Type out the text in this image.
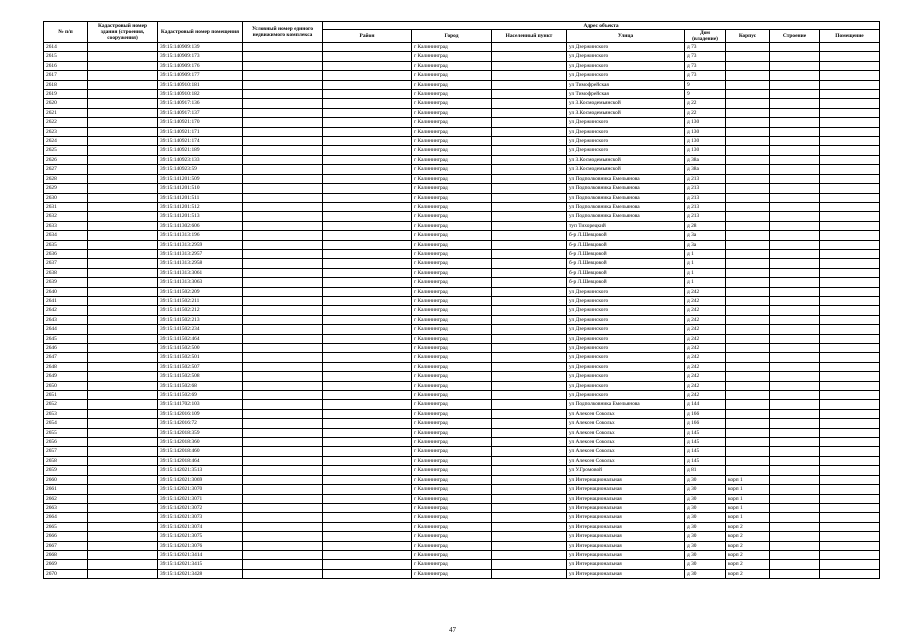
№ п/п	Кадастровый номер здания (строения, сооружения)	Кадастровый номер помещения	Условный номер единого недвижимого комплекса	Адрес объекта							
				Район	Город	Населенный пункт	Улица	Дом (владение)	Корпус	Строение	Помещение
2614		39:15:140909:139			г Калининград		ул Дзержинского	д 73			
2615		39:15:140909:173			г Калининград		ул Дзержинского	д 73			
2616		39:15:140909:176			г Калининград		ул Дзержинского	д 73			
2617		39:15:140909:177			г Калининград		ул Дзержинского	д 73			
2618		39:15:140910:181			г Калининград		ул Тимофрейская	9			
2619		39:15:140910:182			г Калининград		ул Тимофрейская	9			
2620		39:15:140917:136			г Калининград		ул 3.Космодемьянской	д 22			
2621		39:15:140917:137			г Калининград		ул З.Космодемьянской	д 22			
2622		39:15:140921:170			г Калининград		ул Дзержинского	д 130			
2623		39:15:140921:171			г Калининград		ул Дзержинского	д 130			
2624		39:15:140921:174			г Калининград		ул Дзержинского	д 130			
2625		39:15:140921:189			г Калининград		ул Дзержинского	д 130			
2626		39:15:140923:133			г Калининград		ул 3.Космодемьянской	д 38а			
2627		39:15:140923:59			г Калининград		ул 3.Космодемьянской	д 38а			
2628		39:15:141201:509			г Калининград		ул Подполковника Емельянова	д 213			
2629		39:15:141201:510			г Калининград		ул Подполковника Емельянова	д 213			
2630		39:15:141201:511			г Калининград		ул Подполковника Емельянова	д 213			
2631		39:15:141201:512			г Калининград		ул Подполковника Емельянова	д 213			
2632		39:15:141201:513			г Калининград		ул Подполковника Емельянова	д 213			
2633		39:15:141302:606			г Калининград		туп Тихорецкий	д 28			
2634		39:15:141313:196			г Калининград		б-р Л.Шевцовой	д 3а			
2635		39:15:141313:2959			г Калининград		б-р Л.Шевцовой	д 3а			
2636		39:15:141313:2957			г Калининград		б-р Л.Шевцовой	д 1			
2637		39:15:141313:2958			г Калининград		б-р Л.Шевцовой	д 1			
2638		39:15:141313:3061			г Калининград		б-р Л.Шевцовой	д 1			
2639		39:15:141313:3063			г Калининград		б-р Л.Шевцовой	д 1			
2640		39:15:141502:209			г Калининград		ул Дзержинского	д 242			
2641		39:15:141502:211			г Калининград		ул Дзержинского	д 242			
2642		39:15:141502:212			г Калининград		ул Дзержинского	д 242			
2643		39:15:141502:213			г Калининград		ул Дзержинского	д 242			
2644		39:15:141502:234			г Калининград		ул Дзержинского	д 242			
2645		39:15:141502:464			г Калининград		ул Дзержинского	д 242			
2646		39:15:141502:500			г Калининград		ул Дзержинского	д 242			
2647		39:15:141502:501			г Калининград		ул Дзержинского	д 242			
2648		39:15:141502:507			г Калининград		ул Дзержинского	д 242			
2649		39:15:141502:508			г Калининград		ул Дзержинского	д 242			
2650		39:15:141502:68			г Калининград		ул Дзержинского	д 242			
2651		39:15:141502:69			г Калининград		ул Дзержинского	д 242			
2652		39:15:141702:103			г Калининград		ул Подполковника Емельянова	д 144			
2653		39:15:142016:109			г Калининград		ул Алексея Сокольх	д 166			
2654		39:15:142016:72			г Калининград		ул Алексея Сокольх	д 166			
2655		39:15:142018:359			г Калининград		ул Алексея Сокольх	д 145			
2656		39:15:142018:360			г Калининград		ул Алексея Сокольх	д 145			
2657		39:15:142018:460			г Калининград		ул Алексея Сокольх	д 145			
2658		39:15:142018:464			г Калининград		ул Алексея Сокольх	д 145			
2659		39:15:142021:3513			г Калининград		ул У.Громовой	д 81			
2660		39:15:142021:3069			г Калининград		ул Интернациональная	д 30	корп 1		
2661		39:15:142021:3070			г Калининград		ул Интернациональная	д 30	корп 1		
2662		39:15:142021:3071			г Калининград		ул Интернациональная	д 30	корп 1		
2663		39:15:142021:3072			г Калининград		ул Интернациональная	д 30	корп 1		
2664		39:15:142021:3073			г Калининград		ул Интернациональная	д 30	корп 1		
2665		39:15:142021:3074			г Калининград		ул Интернациональная	д 30	корп 2		
2666		39:15:142021:3075			г Калининград		ул Интернациональная	д 30	корп 2		
2667		39:15:142021:3076			г Калининград		ул Интернациональная	д 30	корп 2		
2668		39:15:142021:3414			г Калининград		ул Интернациональная	д 30	корп 2		
2669		39:15:142021:3415			г Калининград		ул Интернациональная	д 30	корп 2		
2670		39:15:142021:3428			г Калининград		ул Интернациональная	д 30	корп 2		
47
